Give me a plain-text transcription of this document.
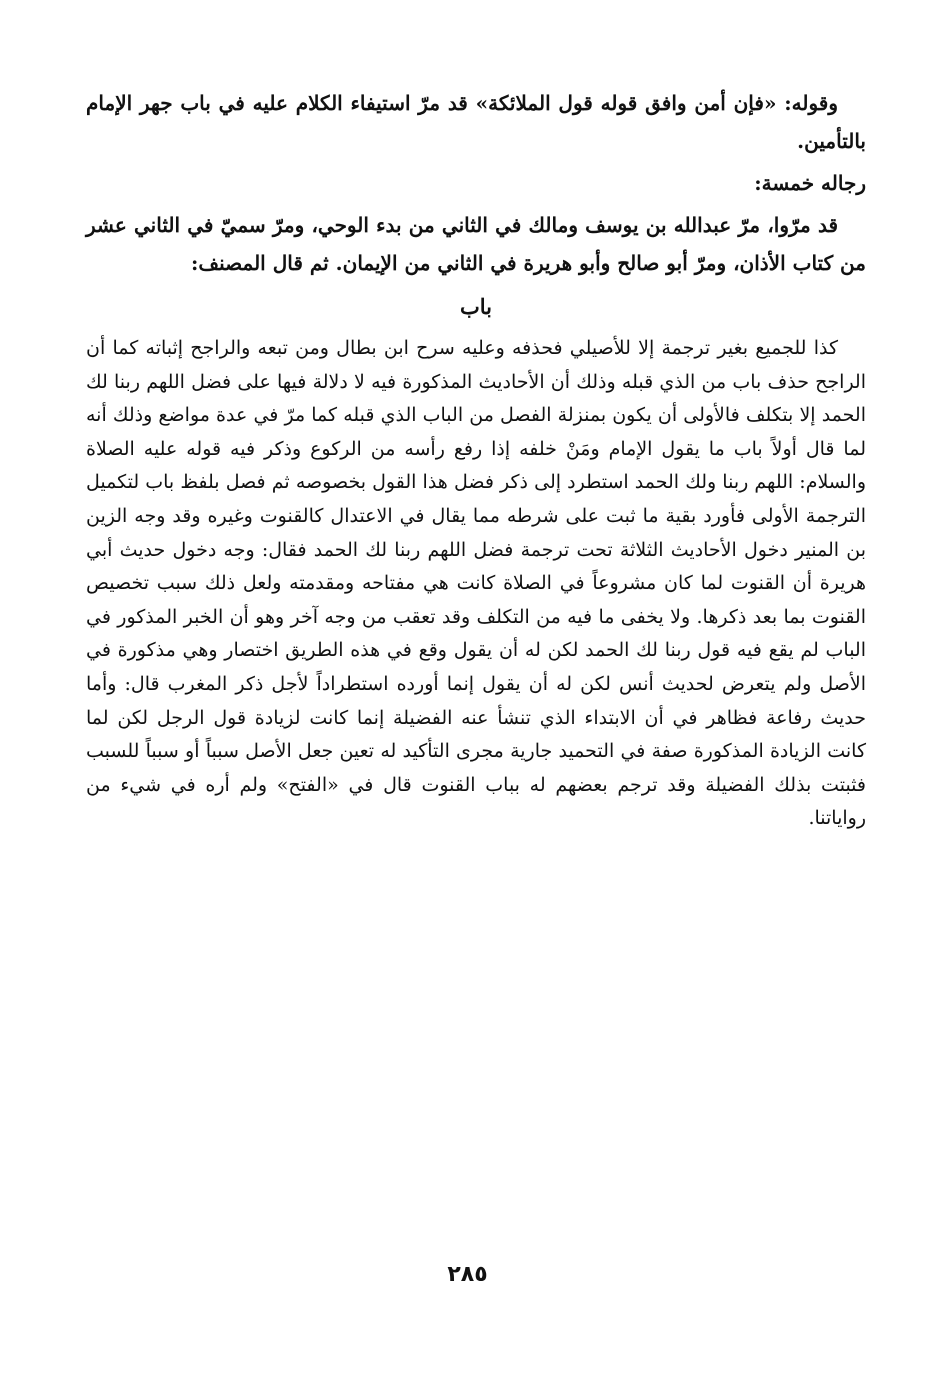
وقوله: «فإن أمن وافق قوله قول الملائكة» قد مرّ استيفاء الكلام عليه في باب جهر الإمام بالتأمين.

رجاله خمسة:

قد مرّوا، مرّ عبدالله بن يوسف ومالك في الثاني من بدء الوحي، ومرّ سميّ في الثاني عشر من كتاب الأذان، ومرّ أبو صالح وأبو هريرة في الثاني من الإيمان. ثم قال المصنف:

باب

كذا للجميع بغير ترجمة إلا للأصيلي فحذفه وعليه سرح ابن بطال ومن تبعه والراجح إثباته كما أن الراجح حذف باب من الذي قبله وذلك أن الأحاديث المذكورة فيه لا دلالة فيها على فضل اللهم ربنا لك الحمد إلا بتكلف فالأولى أن يكون بمنزلة الفصل من الباب الذي قبله كما مرّ في عدة مواضع وذلك أنه لما قال أولاً باب ما يقول الإمام ومَنْ خلفه إذا رفع رأسه من الركوع وذكر فيه قوله عليه الصلاة والسلام: اللهم ربنا ولك الحمد استطرد إلى ذكر فضل هذا القول بخصوصه ثم فصل بلفظ باب لتكميل الترجمة الأولى فأورد بقية ما ثبت على شرطه مما يقال في الاعتدال كالقنوت وغيره وقد وجه الزين بن المنير دخول الأحاديث الثلاثة تحت ترجمة فضل اللهم ربنا لك الحمد فقال: وجه دخول حديث أبي هريرة أن القنوت لما كان مشروعاً في الصلاة كانت هي مفتاحه ومقدمته ولعل ذلك سبب تخصيص القنوت بما بعد ذكرها. ولا يخفى ما فيه من التكلف وقد تعقب من وجه آخر وهو أن الخبر المذكور في الباب لم يقع فيه قول ربنا لك الحمد لكن له أن يقول وقع في هذه الطريق اختصار وهي مذكورة في الأصل ولم يتعرض لحديث أنس لكن له أن يقول إنما أورده استطراداً لأجل ذكر المغرب قال: وأما حديث رفاعة فظاهر في أن الابتداء الذي تنشأ عنه الفضيلة إنما كانت لزيادة قول الرجل لكن لما كانت الزيادة المذكورة صفة في التحميد جارية مجرى التأكيد له تعين جعل الأصل سبباً أو سبباً للسبب فثبتت بذلك الفضيلة وقد ترجم بعضهم له بباب القنوت قال في «الفتح» ولم أره في شيء من رواياتنا.

٢٨٥
